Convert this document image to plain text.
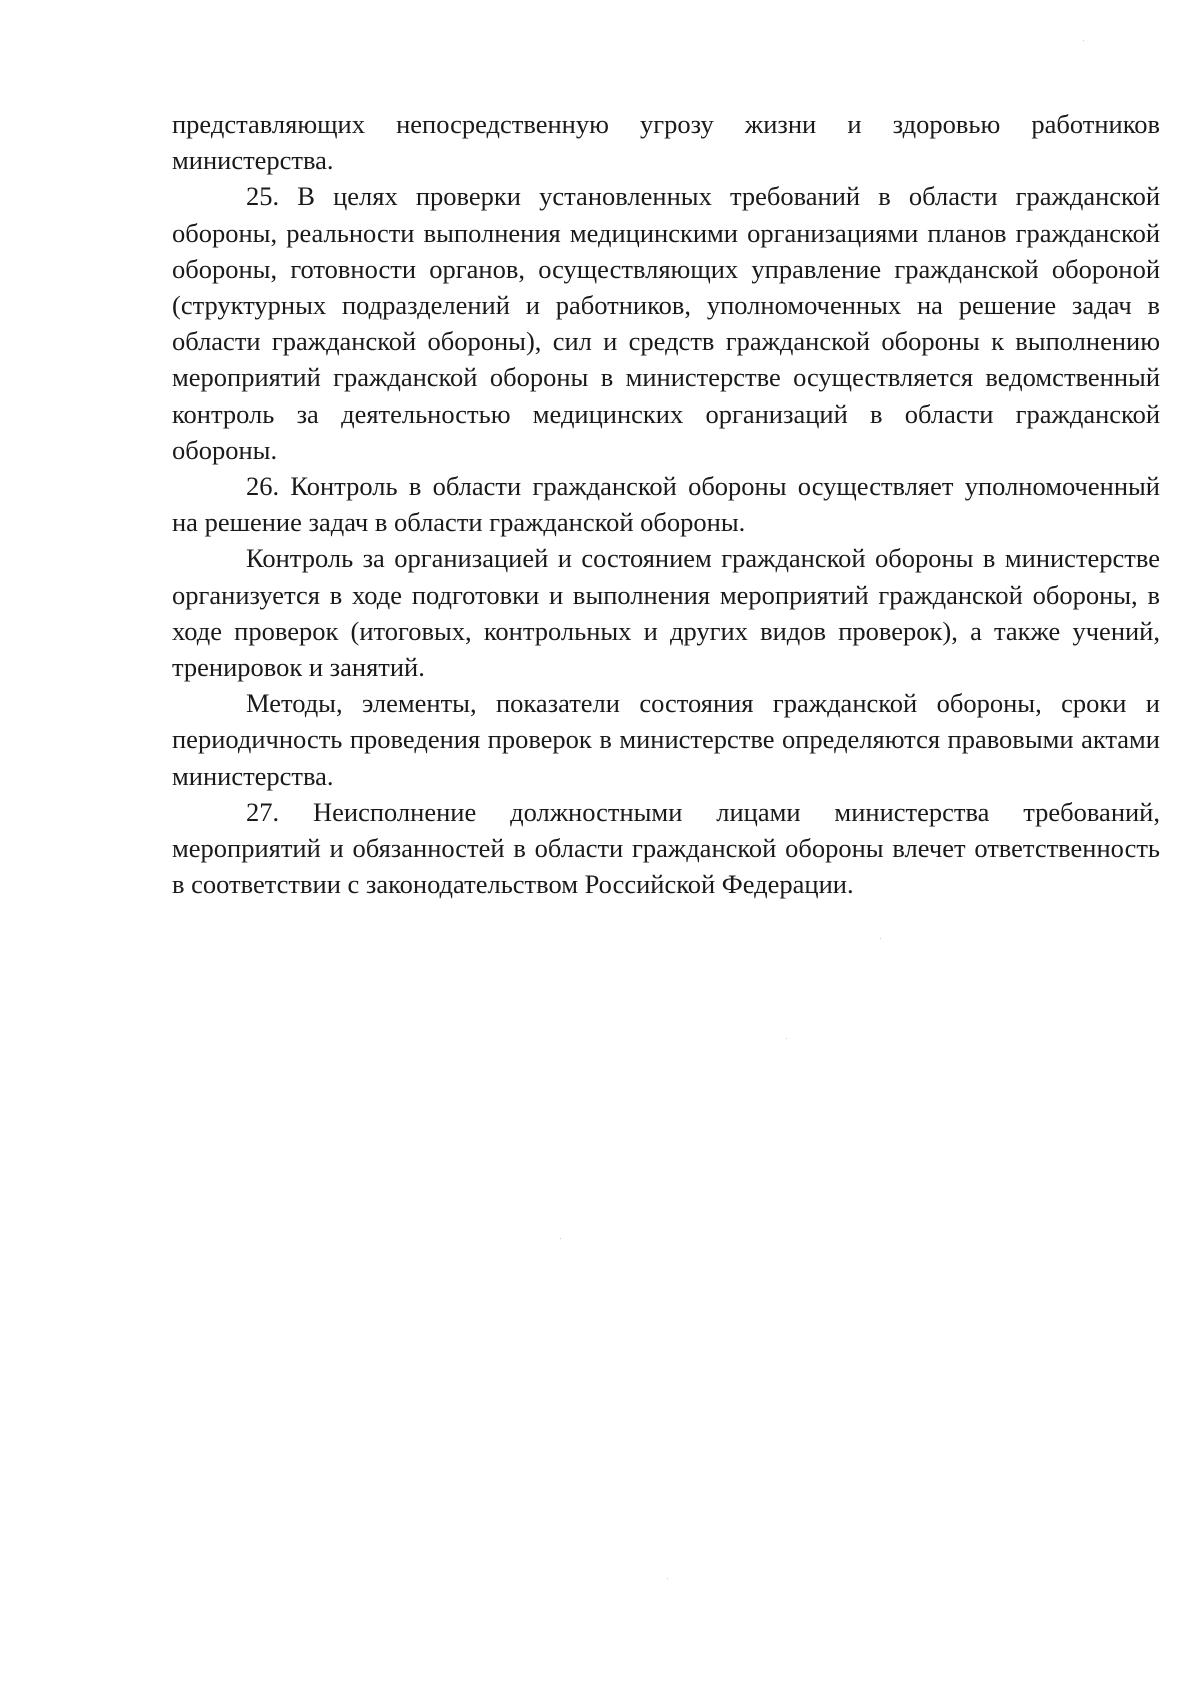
представляющих непосредственную угрозу жизни и здоровью работников министерства.

25. В целях проверки установленных требований в области гражданской обороны, реальности выполнения медицинскими организациями планов гражданской обороны, готовности органов, осуществляющих управление гражданской обороной (структурных подразделений и работников, уполномоченных на решение задач в области гражданской обороны), сил и средств гражданской обороны к выполнению мероприятий гражданской обороны в министерстве осуществляется ведомственный контроль за деятельностью медицинских организаций в области гражданской обороны.

26. Контроль в области гражданской обороны осуществляет уполномоченный на решение задач в области гражданской обороны.

Контроль за организацией и состоянием гражданской обороны в министерстве организуется в ходе подготовки и выполнения мероприятий гражданской обороны, в ходе проверок (итоговых, контрольных и других видов проверок), а также учений, тренировок и занятий.

Методы, элементы, показатели состояния гражданской обороны, сроки и периодичность проведения проверок в министерстве определяются правовыми актами министерства.

27. Неисполнение должностными лицами министерства требований, мероприятий и обязанностей в области гражданской обороны влечет ответственность в соответствии с законодательством Российской Федерации.
